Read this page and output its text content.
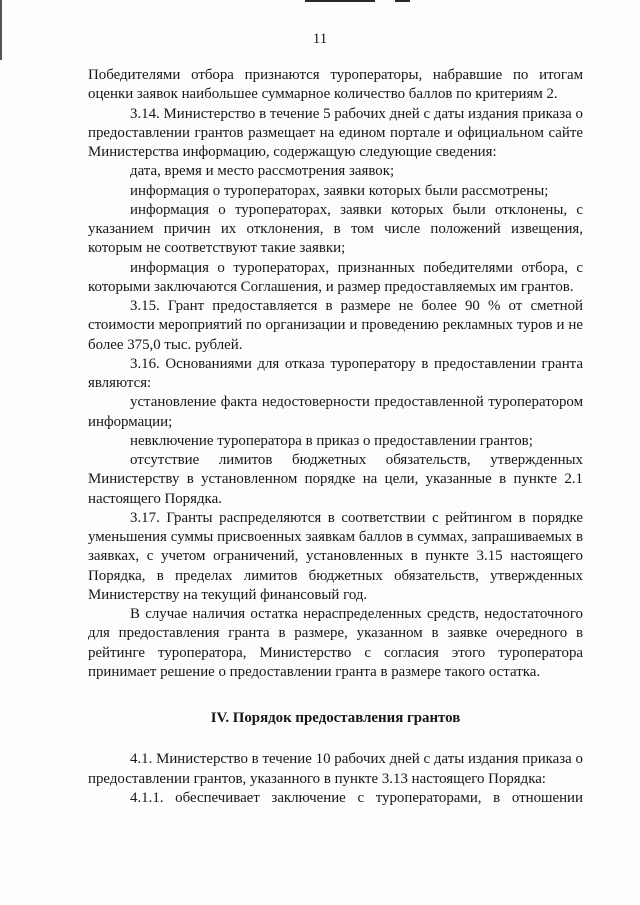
11

Победителями отбора признаются туроператоры, набравшие по итогам оценки заявок наибольшее суммарное количество баллов по критериям 2.

3.14. Министерство в течение 5 рабочих дней с даты издания приказа о предоставлении грантов размещает на едином портале и официальном сайте Министерства информацию, содержащую следующие сведения:

дата, время и место рассмотрения заявок;

информация о туроператорах, заявки которых были рассмотрены;

информация о туроператорах, заявки которых были отклонены, с указанием причин их отклонения, в том числе положений извещения, которым не соответствуют такие заявки;

информация о туроператорах, признанных победителями отбора, с которыми заключаются Соглашения, и размер предоставляемых им грантов.

3.15. Грант предоставляется в размере не более 90 % от сметной стоимости мероприятий по организации и проведению рекламных туров и не более 375,0 тыс. рублей.

3.16. Основаниями для отказа туроператору в предоставлении гранта являются:

установление факта недостоверности предоставленной туроператором информации;

невключение туроператора в приказ о предоставлении грантов;

отсутствие лимитов бюджетных обязательств, утвержденных Министерству в установленном порядке на цели, указанные в пункте 2.1 настоящего Порядка.

3.17. Гранты распределяются в соответствии с рейтингом в порядке уменьшения суммы присвоенных заявкам баллов в суммах, запрашиваемых в заявках, с учетом ограничений, установленных в пункте 3.15 настоящего Порядка, в пределах лимитов бюджетных обязательств, утвержденных Министерству на текущий финансовый год.

В случае наличия остатка нераспределенных средств, недостаточного для предоставления гранта в размере, указанном в заявке очередного в рейтинге туроператора, Министерство с согласия этого туроператора принимает решение о предоставлении гранта в размере такого остатка.

IV. Порядок предоставления грантов

4.1. Министерство в течение 10 рабочих дней с даты издания приказа о предоставлении грантов, указанного в пункте 3.13 настоящего Порядка:

4.1.1. обеспечивает заключение с туроператорами, в отношении
